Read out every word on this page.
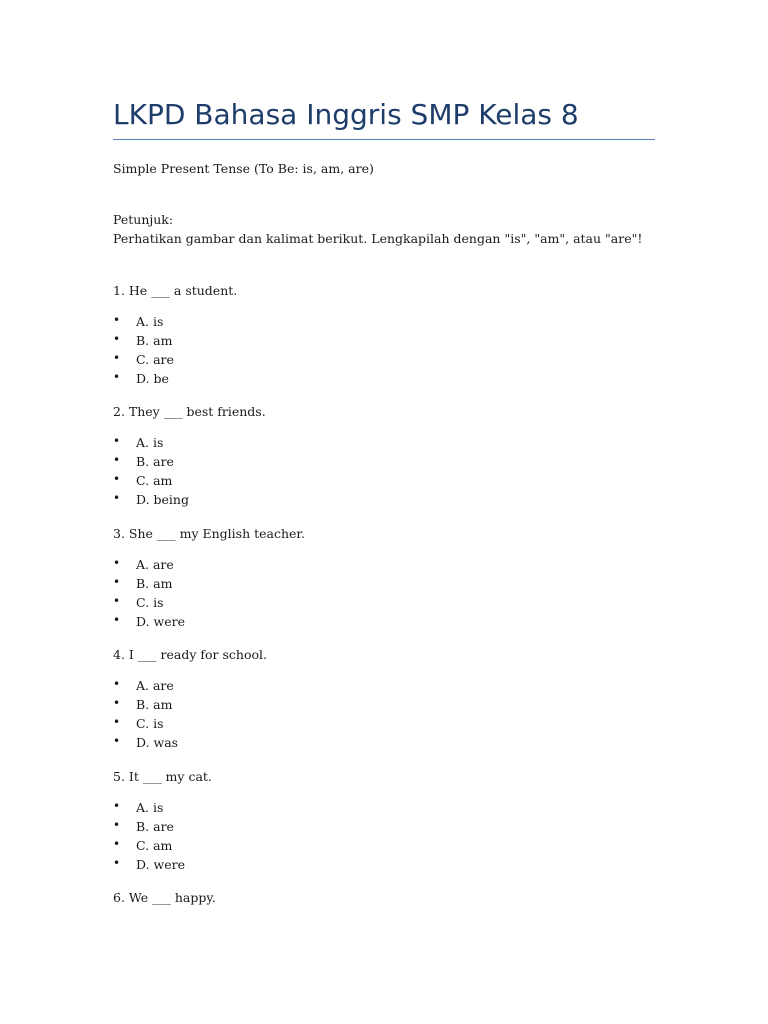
LKPD Bahasa Inggris SMP Kelas 8

Simple Present Tense (To Be: is, am, are)

Petunjuk:

Perhatikan gambar dan kalimat berikut. Lengkapilah dengan "is", "am", atau "are"!

1. He ___ a student.

• A. is
• B. am
• C. are
• D. be

2. They ___ best friends.

• A. is
• B. are
• C. am
• D. being

3. She ___ my English teacher.

• A. are
• B. am
• C. is
• D. were

4. I ___ ready for school.

• A. are
• B. am
• C. is
• D. was

5. It ___ my cat.

• A. is
• B. are
• C. am
• D. were

6. We ___ happy.
